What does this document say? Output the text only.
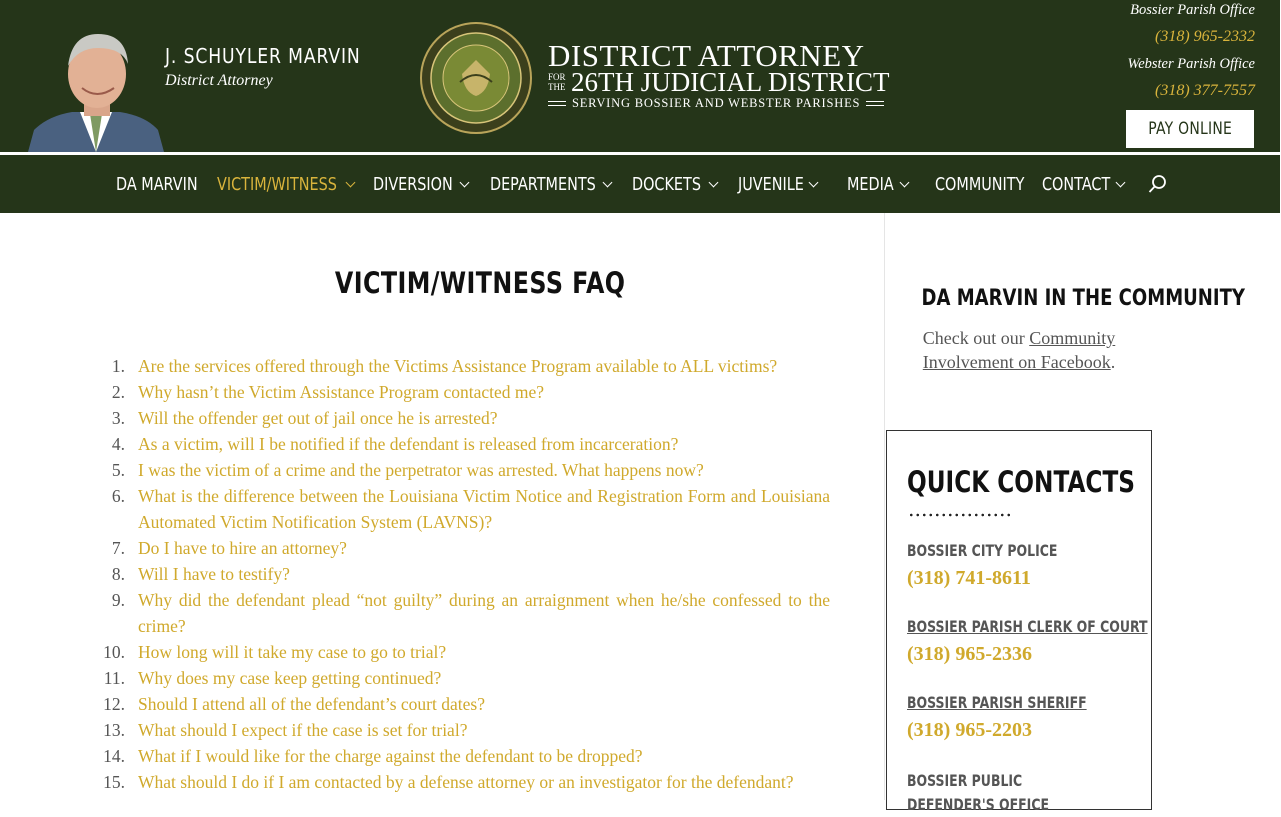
J. SCHUYLER MARVIN
District Attorney
DISTRICT ATTORNEY
FOR
THE 26TH JUDICIAL DISTRICT
SERVING BOSSIER AND WEBSTER PARISHES
Bossier Parish Office
(318) 965-2332
Webster Parish Office
(318) 377-7557
PAY ONLINE
DA MARVIN VICTIM/WITNESS DIVERSION DEPARTMENTS DOCKETS JUVENILE MEDIA COMMUNITY CONTACT
VICTIM/WITNESS FAQ
1. Are the services offered through the Victims Assistance Program available to ALL victims?
2. Why hasn’t the Victim Assistance Program contacted me?
3. Will the offender get out of jail once he is arrested?
4. As a victim, will I be notified if the defendant is released from incarceration?
5. I was the victim of a crime and the perpetrator was arrested. What happens now?
6. What is the difference between the Louisiana Victim Notice and Registration Form and Louisiana Automated Victim Notification System (LAVNS)?
7. Do I have to hire an attorney?
8. Will I have to testify?
9. Why did the defendant plead “not guilty” during an arraignment when he/she confessed to the crime?
10. How long will it take my case to go to trial?
11. Why does my case keep getting continued?
12. Should I attend all of the defendant’s court dates?
13. What should I expect if the case is set for trial?
14. What if I would like for the charge against the defendant to be dropped?
15. What should I do if I am contacted by a defense attorney or an investigator for the defendant?
DA MARVIN IN THE COMMUNITY
Check out our Community Involvement on Facebook.
QUICK CONTACTS
BOSSIER CITY POLICE
(318) 741-8611
BOSSIER PARISH CLERK OF COURT
(318) 965-2336
BOSSIER PARISH SHERIFF
(318) 965-2203
BOSSIER PUBLIC DEFENDER'S OFFICE
